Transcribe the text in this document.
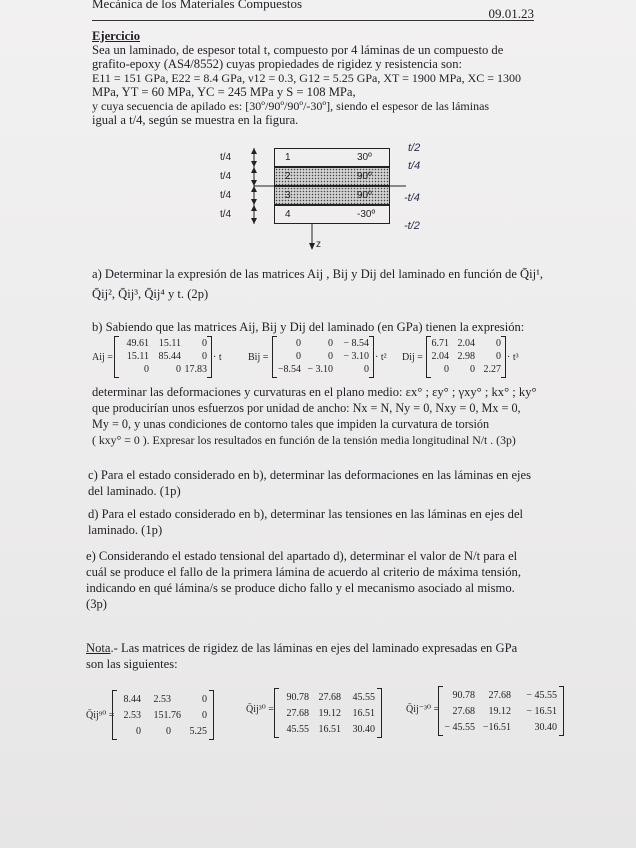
Mecánica de los Materiales Compuestos
09.01.23
Ejercicio
Sea un laminado, de espesor total t, compuesto por 4 láminas de un compuesto de
grafito-epoxy (AS4/8552) cuyas propiedades de rigidez y resistencia son:
E11 = 151 GPa, E22 = 8.4 GPa, ν12 = 0.3, G12 = 5.25 GPa, XT = 1900 MPa, XC = 1300
MPa, YT = 60 MPa, YC = 245 MPa y S = 108 MPa,
y cuya secuencia de apilado es: [30º/90º/90º/-30º], siendo el espesor de las láminas
igual a t/4, según se muestra en la figura.
1	30º
2	90º
3	90º
4	-30º
t/4
t/4
t/4
t/4
z
t/2
t/4
-t/4
-t/2
a) Determinar la expresión de las matrices Aij , Bij y Dij del laminado en función de Q̄ij¹,
Q̄ij², Q̄ij³, Q̄ij⁴ y t. (2p)
b) Sabiendo que las matrices Aij, Bij y Dij del laminado (en GPa) tienen la expresión:
Aij =
49.61 15.11	0
15.11 85.44	0
0	0 17.83
· t	Bij =
0	0	− 8.54
0	0	− 3.10
−8.54 − 3.10	0
· t² Dij =
6.71 2.04	0
2.04 2.98	0
0	0 2.27
· t³
determinar las deformaciones y curvaturas en el plano medio: εx° ; εy° ; γxy° ; kx° ; ky°
que producirían unos esfuerzos por unidad de ancho: Nx = N, Ny = 0, Nxy = 0, Mx = 0,
My = 0, y unas condiciones de contorno tales que impiden la curvatura de torsión
( kxy° = 0 ). Expresar los resultados en función de la tensión media longitudinal N/t . (3p)
c) Para el estado considerado en b), determinar las deformaciones en las láminas en ejes
del laminado. (1p)
d) Para el estado considerado en b), determinar las tensiones en las láminas en ejes del
laminado. (1p)
e) Considerando el estado tensional del apartado d), determinar el valor de N/t para el
cuál se produce el fallo de la primera lámina de acuerdo al criterio de máxima tensión,
indicando en qué lámina/s se produce dicho fallo y el mecanismo asociado al mismo.
(3p)
Nota.- Las matrices de rigidez de las láminas en ejes del laminado expresadas en GPa
son las siguientes:
Q̄ij⁹⁰ =
8.44	2.53	0
2.53	151.76	0
0	0	5.25
Q̄ij³⁰ =
90.78 27.68	45.55
27.68 19.12	16.51
45.55 16.51	30.40
Q̄ij⁻³⁰ =
90.78	27.68	− 45.55
27.68	19.12	− 16.51
− 45.55 −16.51	30.40
